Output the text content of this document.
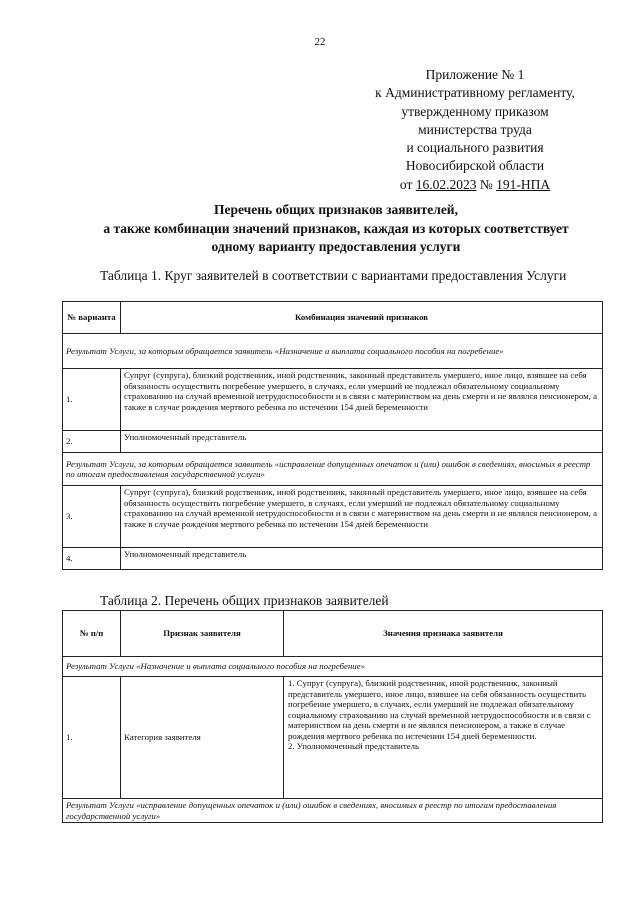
22
Приложение № 1
к Административному регламенту,
утвержденному приказом
министерства труда
и социального развития
Новосибирской области
от 16.02.2023 № 191-НПА
Перечень общих признаков заявителей,
а также комбинации значений признаков, каждая из которых соответствует
одному варианту предоставления услуги
Таблица 1. Круг заявителей в соответствии с вариантами предоставления Услуги
№ варианта	Комбинация значений признаков
Результат Услуги, за которым обращается заявитель «Назначение и выплата социального пособия на погребение»	
1.	Супруг (супруга), близкий родственник, иной родственник, законный представитель умершего, иное лицо, взявшее на себя обязанность осуществить погребение умершего, в случаях, если умерший не подлежал обязательному социальному страхованию на случай временной нетрудоспособности и в связи с материнством на день смерти и не являлся пенсионером, а также в случае рождения мертвого ребенка по истечении 154 дней беременности
2.	Уполномоченный представитель
Результат Услуги, за которым обращается заявитель «исправление допущенных опечаток и (или) ошибок в сведениях, вносимых в реестр по итогам предоставления государственной услуги»	
3.	Супруг (супруга), близкий родственник, иной родственник, законный представитель умершего, иное лицо, взявшее на себя обязанность осуществить погребение умершего, в случаях, если умерший не подлежал обязательному социальному страхованию на случай временной нетрудоспособности и в связи с материнством на день смерти и не являлся пенсионером, а также в случае рождения мертвого ребенка по истечении 154 дней беременности
4.	Уполномоченный представитель
Таблица 2. Перечень общих признаков заявителей
№ п/п	Признак заявителя	Значения признака заявителя
Результат Услуги «Назначение и выплата социального пособия на погребение»		
1.	Категория заявителя	1. Супруг (супруга), близкий родственник, иной родственник, законный представитель умершего, иное лицо, взявшее на себя обязанность осуществить погребение умершего, в случаях, если умерший не подлежал обязательному социальному страхованию на случай временной нетрудоспособности и в связи с материнством на день смерти и не являлся пенсионером, а также в случае рождения мертвого ребенка по истечении 154 дней беременности.
2. Уполномоченный представитель

Результат Услуги «исправление допущенных опечаток и (или) ошибок в сведениях, вносимых в реестр по итогам предоставления государственной услуги»		
